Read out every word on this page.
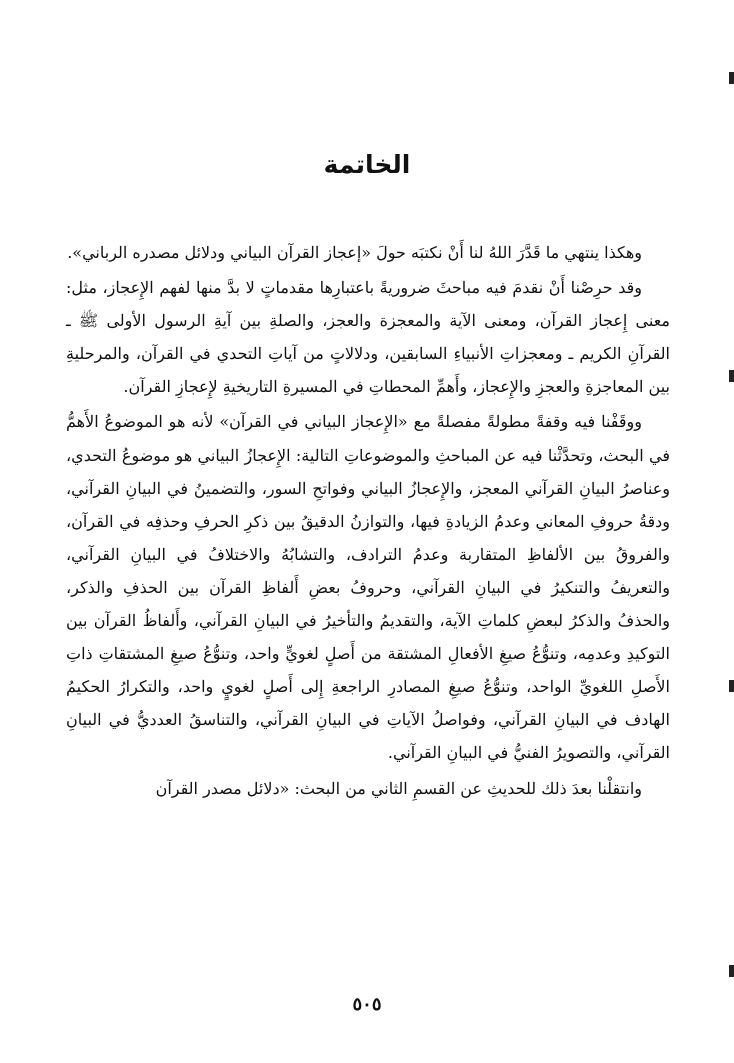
الخاتمة

وهكذا ينتهي ما قَدَّرَ اللهُ لنا أَنْ نكتبَه حولَ «إعجاز القرآن البياني ودلائل مصدره الرباني».

وقد حرِصْنا أَنْ نقدمَ فيه مباحثَ ضروريةً باعتبارِها مقدماتٍ لا بدَّ منها لفهم الإِعجاز، مثل: معنى إِعجاز القرآن، ومعنى الآية والمعجزة والعجز، والصلةِ بين آيةِ الرسول الأولى ﷺ ـ القرآنِ الكريم ـ ومعجزاتِ الأنبياءِ السابقين، ودلالاتٍ من آياتِ التحدي في القرآن، والمرحليةِ بين المعاجزةِ والعجزِ والإِعجاز، وأَهمِّ المحطاتِ في المسيرةِ التاريخيةِ لإِعجازِ القرآن.

ووقَفْنا فيه وقفةً مطولةً مفصلةً مع «الإِعجاز البياني في القرآن» لأنه هو الموضوعُ الأَهمُّ في البحث، وتحدَّثْنا فيه عن المباحثِ والموضوعاتِ التالية: الإِعجازُ البياني هو موضوعُ التحدي، وعناصرُ البيانِ القرآني المعجز، والإِعجازُ البياني وفواتحِ السور، والتضمينُ في البيانِ القرآني، ودقةُ حروفِ المعاني وعدمُ الزيادةِ فيها، والتوازنُ الدقيقُ بين ذكرِ الحرفِ وحذفِه في القرآن، والفروقُ بين الألفاظِ المتقاربة وعدمُ الترادف، والتشابُهُ والاختلافُ في البيانِ القرآني، والتعريفُ والتنكيرُ في البيانِ القرآني، وحروفُ بعضِ أَلفاظِ القرآن بين الحذفِ والذكر، والحذفُ والذكرُ لبعضِ كلماتِ الآية، والتقديمُ والتأخيرُ في البيانِ القرآني، وأَلفاظُ القرآن بين التوكيدِ وعدمِه، وتنوُّعُ صيغِ الأفعالِ المشتقة من أَصلٍ لغويٍّ واحد، وتنوُّعُ صيغِ المشتقاتِ ذاتِ الأَصلِ اللغويِّ الواحد، وتنوُّعُ صيغِ المصادرِ الراجعةِ إِلى أَصلٍ لغويٍ واحد، والتكرارُ الحكيمُ الهادف في البيانِ القرآني، وفواصلُ الآياتِ في البيانِ القرآني، والتناسقُ العدديُّ في البيانِ القرآني، والتصويرُ الفنيُّ في البيانِ القرآني.

وانتقلْنا بعدَ ذلك للحديثِ عن القسمِ الثاني من البحث: «دلائل مصدر القرآن

٥٠٥
